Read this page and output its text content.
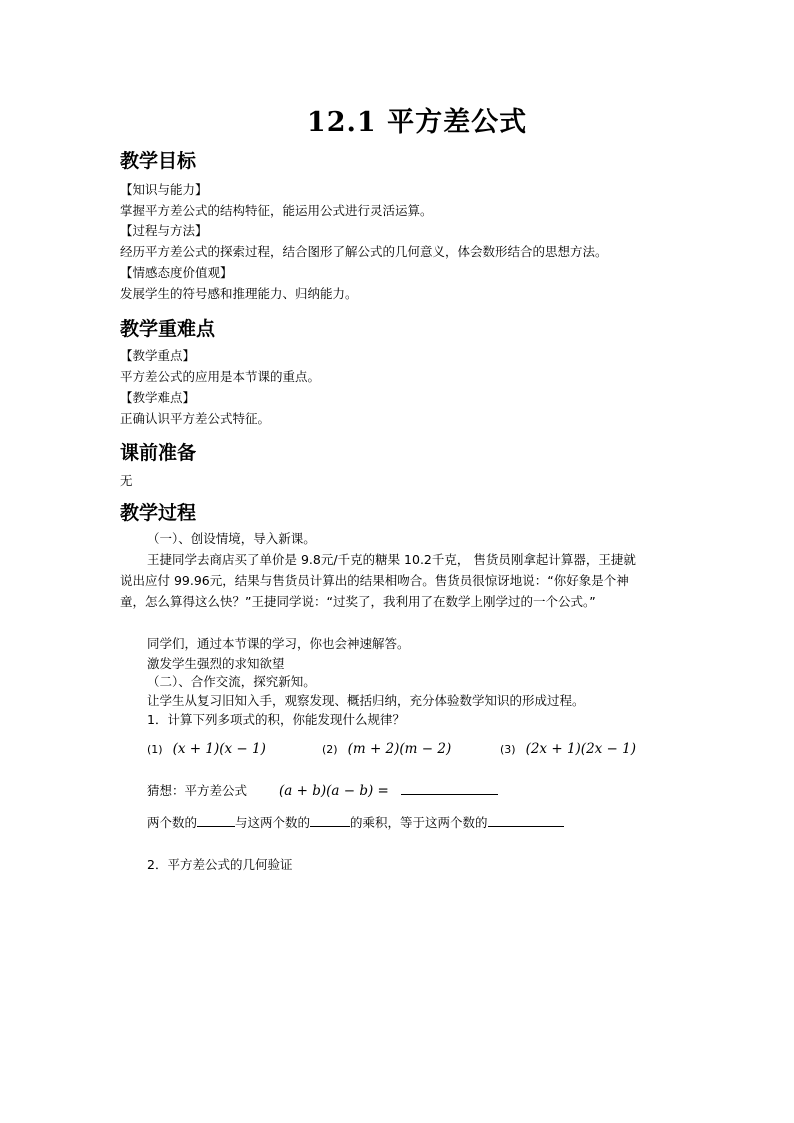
12.1 平方差公式
教学目标
【知识与能力】
掌握平方差公式的结构特征，能运用公式进行灵活运算。
【过程与方法】
经历平方差公式的探索过程，结合图形了解公式的几何意义，体会数形结合的思想方法。
【情感态度价值观】
发展学生的符号感和推理能力、归纳能力。
教学重难点
【教学重点】
平方差公式的应用是本节课的重点。
【教学难点】
正确认识平方差公式特征。
课前准备
无
教学过程
（一）、创设情境，导入新课。
王捷同学去商店买了单价是 9.8元/千克的糖果 10.2千克， 售货员刚拿起计算器，王捷就说出应付 99.96元，结果与售货员计算出的结果相吻合。售货员很惊讶地说：“你好象是个神童，怎么算得这么快？”王捷同学说：“过奖了，我利用了在数学上刚学过的一个公式。”
同学们，通过本节课的学习，你也会神速解答。
激发学生强烈的求知欲望
（二）、合作交流，探究新知。
让学生从复习旧知入手，观察发现、概括归纳，充分体验数学知识的形成过程。
1．计算下列多项式的积，你能发现什么规律？
(1) (x + 1)(x − 1)	(2) (m + 2)(m − 2)	(3) (2x + 1)(2x − 1)
猜想：平方差公式 (a + b)(a − b) =
两个数的	与这两个数的	的乘积，等于这两个数的
2．平方差公式的几何验证
